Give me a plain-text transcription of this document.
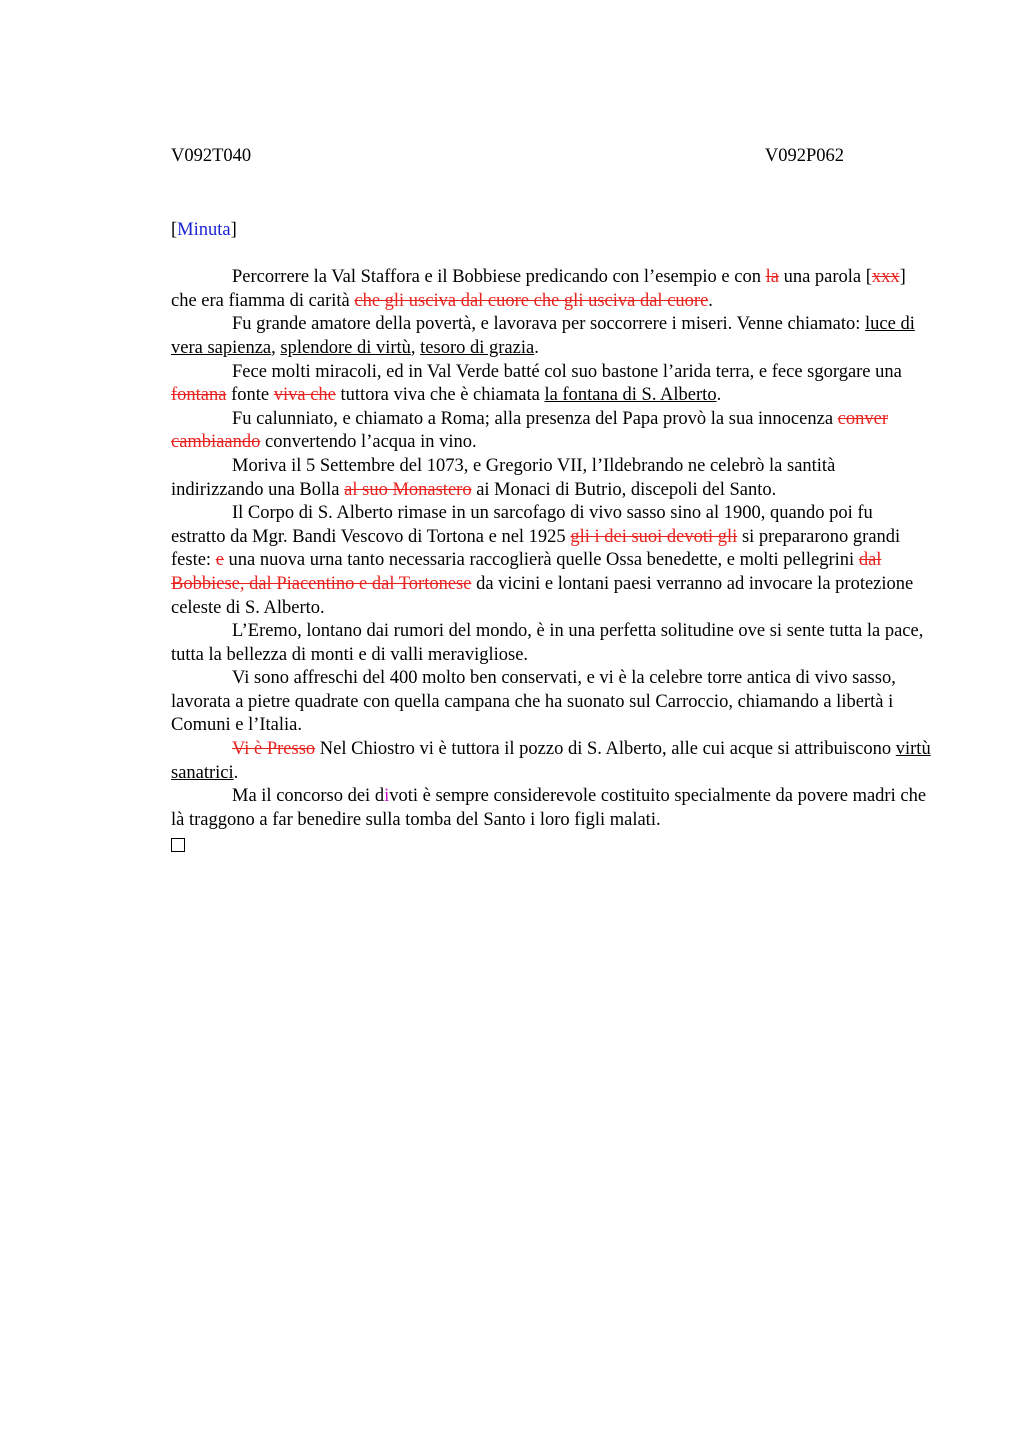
V092T040	V092P062
[Minuta]

Percorrere la Val Staffora e il Bobbiese predicando con l’esempio e con la una parola [xxx] che era fiamma di carità che gli usciva dal cuore che gli usciva dal cuore.

Fu grande amatore della povertà, e lavorava per soccorrere i miseri. Venne chiamato: luce di vera sapienza, splendore di virtù, tesoro di grazia.

Fece molti miracoli, ed in Val Verde batté col suo bastone l’arida terra, e fece sgorgare una fontana fonte viva che tuttora viva che è chiamata la fontana di S. Alberto.

Fu calunniato, e chiamato a Roma; alla presenza del Papa provò la sua innocenza conver cambiaando convertendo l’acqua in vino.

Moriva il 5 Settembre del 1073, e Gregorio VII, l’Ildebrando ne celebrò la santità indirizzando una Bolla al suo Monastero ai Monaci di Butrio, discepoli del Santo.

Il Corpo di S. Alberto rimase in un sarcofago di vivo sasso sino al 1900, quando poi fu estratto da Mgr. Bandi Vescovo di Tortona e nel 1925 gli i dei suoi devoti gli si prepararono grandi feste: e una nuova urna tanto necessaria raccoglierà quelle Ossa benedette, e molti pellegrini dal Bobbiese, dal Piacentino e dal Tortonese da vicini e lontani paesi verranno ad invocare la protezione celeste di S. Alberto.

L’Eremo, lontano dai rumori del mondo, è in una perfetta solitudine ove si sente tutta la pace, tutta la bellezza di monti e di valli meravigliose.

Vi sono affreschi del 400 molto ben conservati, e vi è la celebre torre antica di vivo sasso, lavorata a pietre quadrate con quella campana che ha suonato sul Carroccio, chiamando a libertà i Comuni e l’Italia.

Vi è Presso Nel Chiostro vi è tuttora il pozzo di S. Alberto, alle cui acque si attribuiscono virtù sanatrici.

Ma il concorso dei divoti è sempre considerevole costituito specialmente da povere madri che là traggono a far benedire sulla tomba del Santo i loro figli malati.
